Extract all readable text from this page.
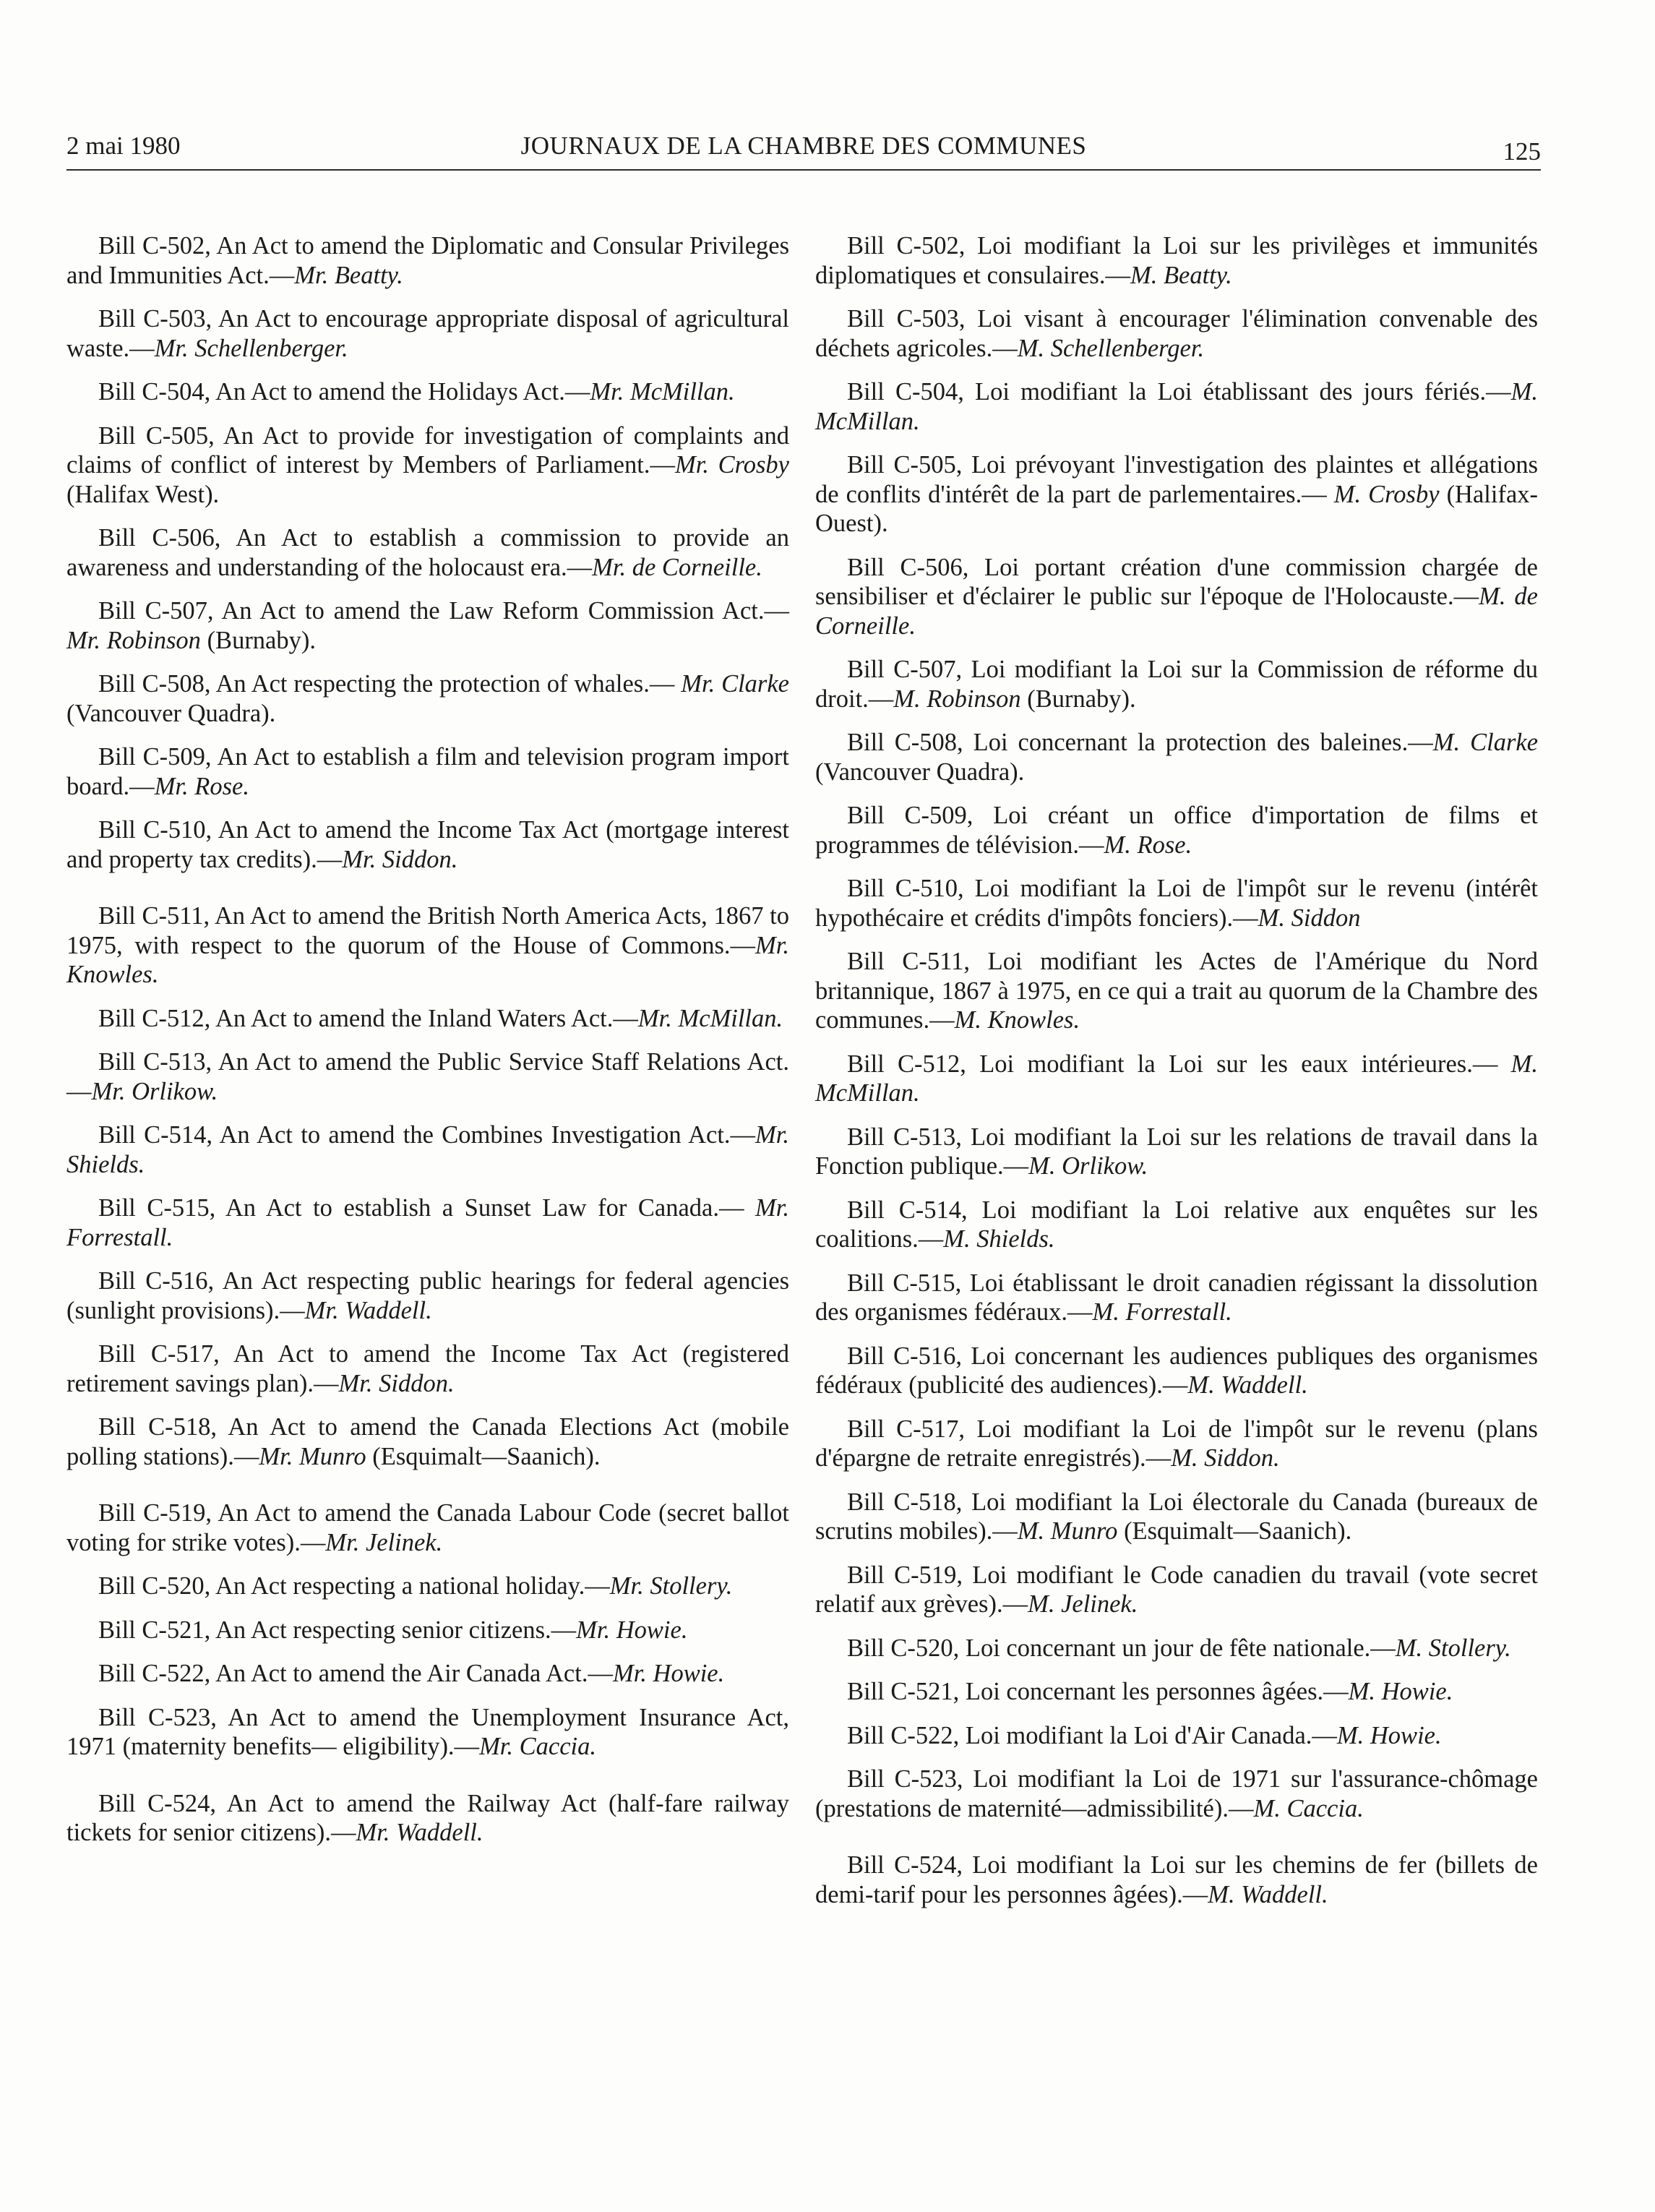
2 mai 1980	JOURNAUX DE LA CHAMBRE DES COMMUNES	125

Bill C-502, An Act to amend the Diplomatic and Consular Privileges and Immunities Act.—Mr. Beatty.

Bill C-503, An Act to encourage appropriate disposal of agricultural waste.—Mr. Schellenberger.

Bill C-504, An Act to amend the Holidays Act.—Mr. McMillan.

Bill C-505, An Act to provide for investigation of complaints and claims of conflict of interest by Members of Parliament.—Mr. Crosby (Halifax West).

Bill C-506, An Act to establish a commission to provide an awareness and understanding of the holocaust era.—Mr. de Corneille.

Bill C-507, An Act to amend the Law Reform Commission Act.—Mr. Robinson (Burnaby).

Bill C-508, An Act respecting the protection of whales.— Mr. Clarke (Vancouver Quadra).

Bill C-509, An Act to establish a film and television program import board.—Mr. Rose.

Bill C-510, An Act to amend the Income Tax Act (mortgage interest and property tax credits).—Mr. Siddon.

Bill C-511, An Act to amend the British North America Acts, 1867 to 1975, with respect to the quorum of the House of Commons.—Mr. Knowles.

Bill C-512, An Act to amend the Inland Waters Act.—Mr. McMillan.

Bill C-513, An Act to amend the Public Service Staff Relations Act.—Mr. Orlikow.

Bill C-514, An Act to amend the Combines Investigation Act.—Mr. Shields.

Bill C-515, An Act to establish a Sunset Law for Canada.— Mr. Forrestall.

Bill C-516, An Act respecting public hearings for federal agencies (sunlight provisions).—Mr. Waddell.

Bill C-517, An Act to amend the Income Tax Act (registered retirement savings plan).—Mr. Siddon.

Bill C-518, An Act to amend the Canada Elections Act (mobile polling stations).—Mr. Munro (Esquimalt—Saanich).

Bill C-519, An Act to amend the Canada Labour Code (secret ballot voting for strike votes).—Mr. Jelinek.

Bill C-520, An Act respecting a national holiday.—Mr. Stollery.

Bill C-521, An Act respecting senior citizens.—Mr. Howie.

Bill C-522, An Act to amend the Air Canada Act.—Mr. Howie.

Bill C-523, An Act to amend the Unemployment Insurance Act, 1971 (maternity benefits— eligibility).—Mr. Caccia.

Bill C-524, An Act to amend the Railway Act (half-fare railway tickets for senior citizens).—Mr. Waddell.

Bill C-502, Loi modifiant la Loi sur les privilèges et immunités diplomatiques et consulaires.—M. Beatty.

Bill C-503, Loi visant à encourager l'élimination convenable des déchets agricoles.—M. Schellenberger.

Bill C-504, Loi modifiant la Loi établissant des jours fériés.—M. McMillan.

Bill C-505, Loi prévoyant l'investigation des plaintes et allégations de conflits d'intérêt de la part de parlementaires.— M. Crosby (Halifax-Ouest).

Bill C-506, Loi portant création d'une commission chargée de sensibiliser et d'éclairer le public sur l'époque de l'Holocauste.—M. de Corneille.

Bill C-507, Loi modifiant la Loi sur la Commission de réforme du droit.—M. Robinson (Burnaby).

Bill C-508, Loi concernant la protection des baleines.—M. Clarke (Vancouver Quadra).

Bill C-509, Loi créant un office d'importation de films et programmes de télévision.—M. Rose.

Bill C-510, Loi modifiant la Loi de l'impôt sur le revenu (intérêt hypothécaire et crédits d'impôts fonciers).—M. Siddon

Bill C-511, Loi modifiant les Actes de l'Amérique du Nord britannique, 1867 à 1975, en ce qui a trait au quorum de la Chambre des communes.—M. Knowles.

Bill C-512, Loi modifiant la Loi sur les eaux intérieures.— M. McMillan.

Bill C-513, Loi modifiant la Loi sur les relations de travail dans la Fonction publique.—M. Orlikow.

Bill C-514, Loi modifiant la Loi relative aux enquêtes sur les coalitions.—M. Shields.

Bill C-515, Loi établissant le droit canadien régissant la dissolution des organismes fédéraux.—M. Forrestall.

Bill C-516, Loi concernant les audiences publiques des organismes fédéraux (publicité des audiences).—M. Waddell.

Bill C-517, Loi modifiant la Loi de l'impôt sur le revenu (plans d'épargne de retraite enregistrés).—M. Siddon.

Bill C-518, Loi modifiant la Loi électorale du Canada (bureaux de scrutins mobiles).—M. Munro (Esquimalt—Saanich).

Bill C-519, Loi modifiant le Code canadien du travail (vote secret relatif aux grèves).—M. Jelinek.

Bill C-520, Loi concernant un jour de fête nationale.—M. Stollery.

Bill C-521, Loi concernant les personnes âgées.—M. Howie.

Bill C-522, Loi modifiant la Loi d'Air Canada.—M. Howie.

Bill C-523, Loi modifiant la Loi de 1971 sur l'assurance-chômage (prestations de maternité—admissibilité).—M. Caccia.

Bill C-524, Loi modifiant la Loi sur les chemins de fer (billets de demi-tarif pour les personnes âgées).—M. Waddell.
